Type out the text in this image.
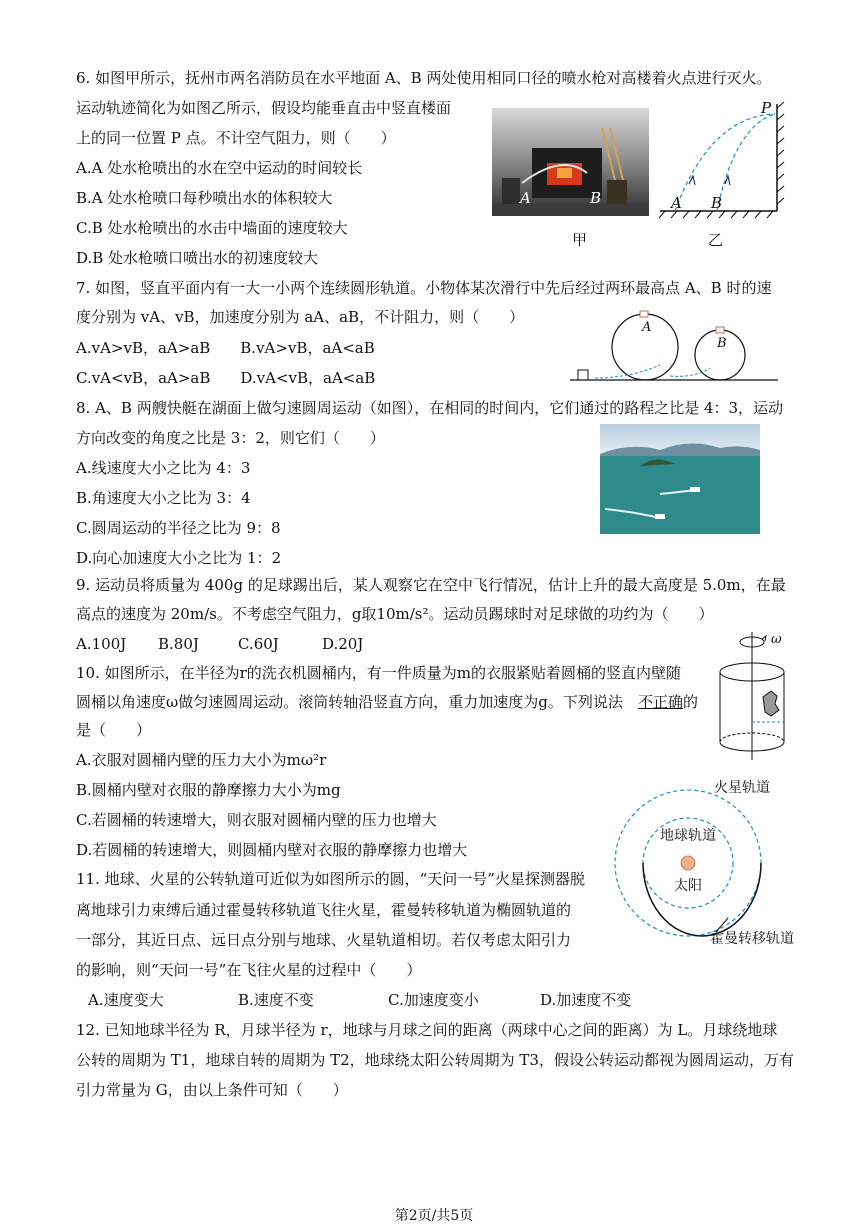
6. 如图甲所示，抚州市两名消防员在水平地面 A、B 两处使用相同口径的喷水枪对高楼着火点进行灭火。
运动轨迹简化为如图乙所示，假设均能垂直击中竖直楼面
上的同一位置 P 点。不计空气阻力，则（　　）
A.A 处水枪喷出的水在空中运动的时间较长
B.A 处水枪喷口每秒喷出水的体积较大
C.B 处水枪喷出的水击中墙面的速度较大
D.B 处水枪喷口喷出水的初速度较大
A	B
甲
P
A B
乙
7. 如图，竖直平面内有一大一小两个连续圆形轨道。小物体某次滑行中先后经过两环最高点 A、B 时的速
度分别为 vA、vB，加速度分别为 aA、aB，不计阻力，则（　　）
A.vA>vB，aA>aB　　B.vA>vB，aA<aB
C.vA<vB，aA>aB　　D.vA<vB，aA<aB
A
B
8. A、B 两艘快艇在湖面上做匀速圆周运动（如图），在相同的时间内，它们通过的路程之比是 4：3，运动
方向改变的角度之比是 3：2，则它们（　　）
A.线速度大小之比为 4：3
B.角速度大小之比为 3：4
C.圆周运动的半径之比为 9：8
D.向心加速度大小之比为 1：2
9. 运动员将质量为 400g 的足球踢出后，某人观察它在空中飞行情况，估计上升的最大高度是 5.0m，在最
高点的速度为 20m/s。不考虑空气阻力，g取10m/s²。运动员踢球时对足球做的功约为（　　）
A.100J B.80J	C.60J	D.20J
10. 如图所示，在半径为r的洗衣机圆桶内，有一件质量为m的衣服紧贴着圆桶的竖直内壁随
圆桶以角速度ω做匀速圆周运动。滚筒转轴沿竖直方向，重力加速度为g。下列说法 不正确 的
是（　　）
A.衣服对圆桶内壁的压力大小为mω²r
B.圆桶内壁对衣服的静摩擦力大小为mg
C.若圆桶的转速增大，则衣服对圆桶内壁的压力也增大
D.若圆桶的转速增大，则圆桶内壁对衣服的静摩擦力也增大
ω
11. 地球、火星的公转轨道可近似为如图所示的圆，“天问一号”火星探测器脱
离地球引力束缚后通过霍曼转移轨道飞往火星，霍曼转移轨道为椭圆轨道的
一部分，其近日点、远日点分别与地球、火星轨道相切。若仅考虑太阳引力
的影响，则“天问一号”在飞往火星的过程中（　　）
A.速度变大	B.速度不变	C.加速度变小	D.加速度不变
火星轨道
地球轨道
太阳
霍曼转移轨道
12. 已知地球半径为 R，月球半径为 r，地球与月球之间的距离（两球中心之间的距离）为 L。月球绕地球
公转的周期为 T1，地球自转的周期为 T2，地球绕太阳公转周期为 T3，假设公转运动都视为圆周运动，万有
引力常量为 G，由以上条件可知（　　）
第2页/共5页
